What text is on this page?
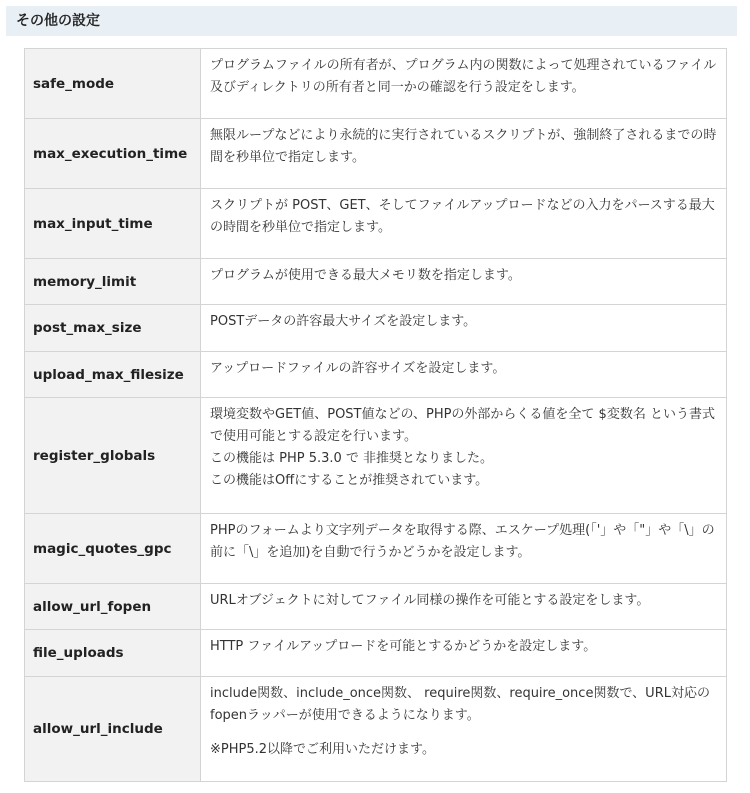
その他の設定
safe_mode	プログラムファイルの所有者が、プログラム内の関数によって処理されているファイル及びディレクトリの所有者と同一かの確認を行う設定をします。

max_execution_time	無限ループなどにより永続的に実行されているスクリプトが、強制終了されるまでの時間を秒単位で指定します。

max_input_time	スクリプトが POST、GET、そしてファイルアップロードなどの入力をパースする最大の時間を秒単位で指定します。

memory_limit	プログラムが使用できる最大メモリ数を指定します。

post_max_size	POSTデータの許容最大サイズを設定します。

upload_max_filesize	アップロードファイルの許容サイズを設定します。

register_globals	環境変数やGET値、POST値などの、PHPの外部からくる値を全て $変数名 という書式で使用可能とする設定を行います。

この機能は PHP 5.3.0 で 非推奨となりました。

この機能はOffにすることが推奨されています。

magic_quotes_gpc	PHPのフォームより文字列データを取得する際、エスケープ処理(「'」や「"」や「\」の前に「\」を追加)を自動で行うかどうかを設定します。

allow_url_fopen	URLオブジェクトに対してファイル同様の操作を可能とする設定をします。

file_uploads	HTTP ファイルアップロードを可能とするかどうかを設定します。

allow_url_include	include関数、include_once関数、 require関数、require_once関数で、URL対応のfopenラッパーが使用できるようになります。

※PHP5.2以降でご利用いただけます。
